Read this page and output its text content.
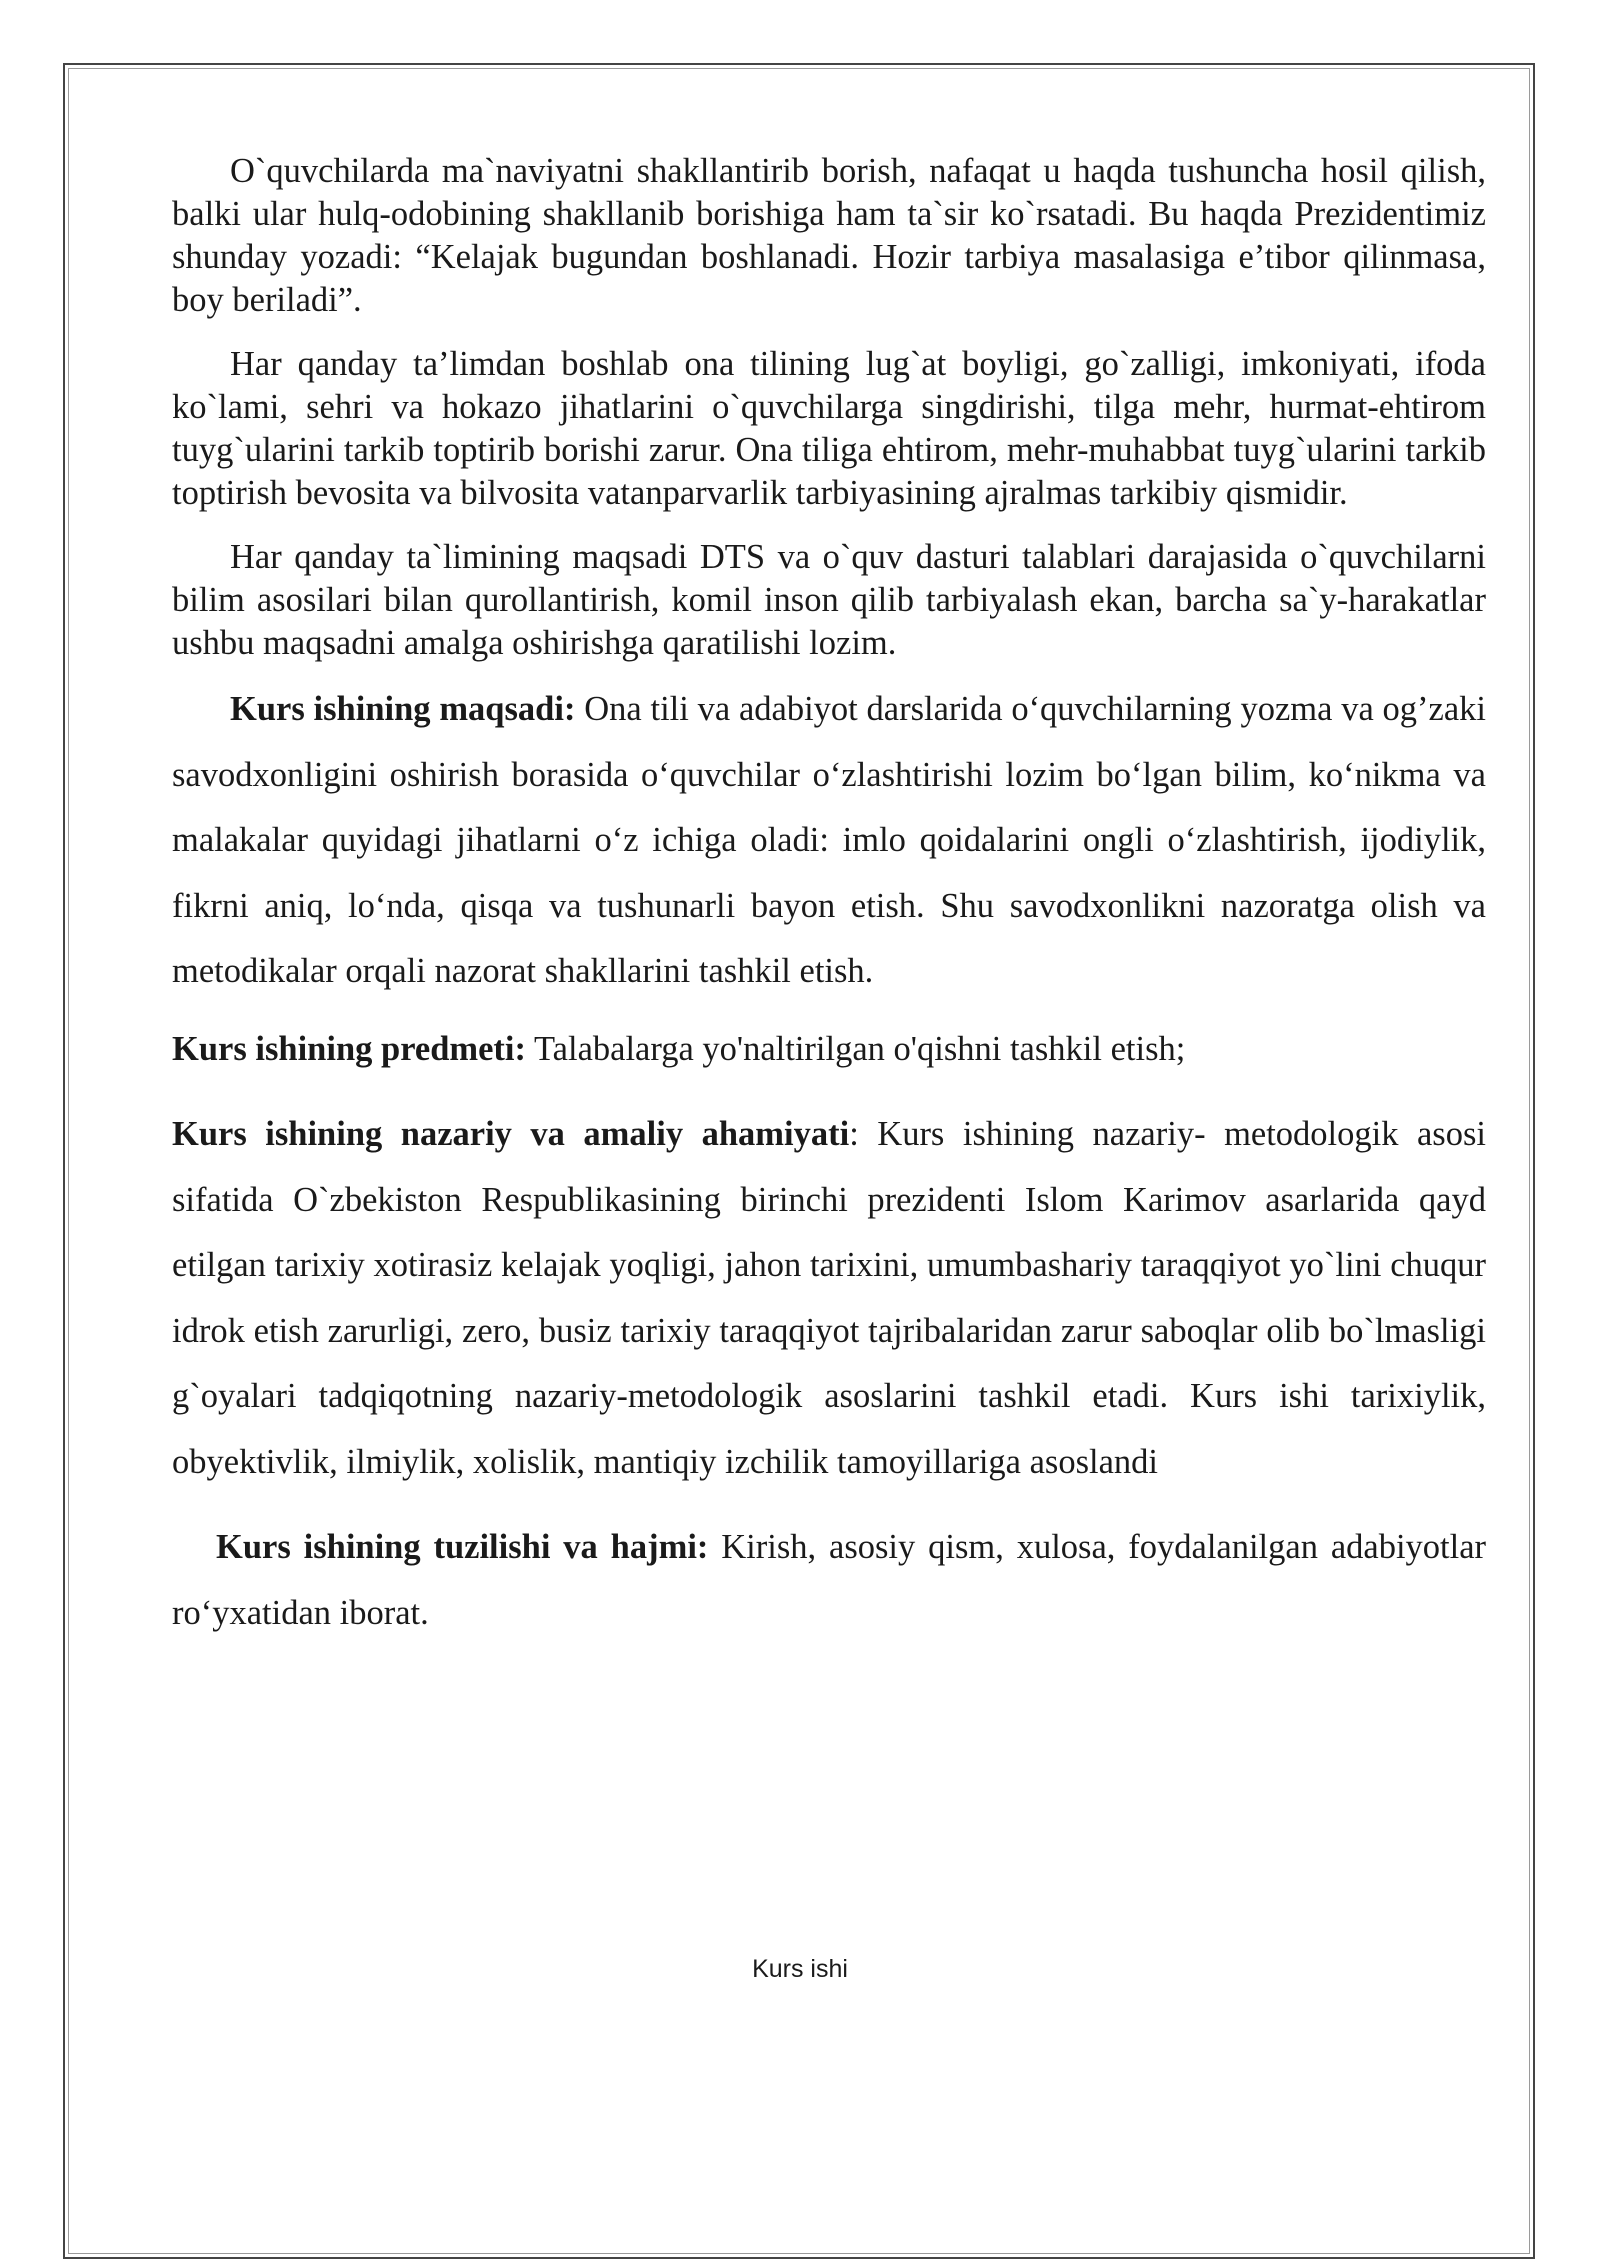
O`quvchilarda ma`naviyatni shakllantirib borish, nafaqat u haqda tushuncha hosil qilish, balki ular hulq-odobining shakllanib borishiga ham ta`sir ko`rsatadi. Bu haqda Prezidentimiz shunday yozadi: “Kelajak bugundan boshlanadi. Hozir tarbiya masalasiga e’tibor qilinmasa, boy beriladi”.

Har qanday ta’limdan boshlab ona tilining lug`at boyligi, go`zalligi, imkoniyati, ifoda ko`lami, sehri va hokazo jihatlarini o`quvchilarga singdirishi, tilga mehr, hurmat-ehtirom tuyg`ularini tarkib toptirib borishi zarur. Ona tiliga ehtirom, mehr-muhabbat tuyg`ularini tarkib toptirish bevosita va bilvosita vatanparvarlik tarbiyasining ajralmas tarkibiy qismidir.

Har qanday ta`limining maqsadi DTS va o`quv dasturi talablari darajasida o`quvchilarni bilim asosilari bilan qurollantirish, komil inson qilib tarbiyalash ekan, barcha sa`y-harakatlar ushbu maqsadni amalga oshirishga qaratilishi lozim.

Kurs ishining maqsadi: Ona tili va adabiyot darslarida o‘quvchilarning yozma va og’zaki savodxonligini oshirish borasida o‘quvchilar o‘zlashtirishi lozim bo‘lgan bilim, ko‘nikma va malakalar quyidagi jihatlarni o‘z ichiga oladi: imlo qoidalarini ongli o‘zlashtirish, ijodiylik, fikrni aniq, lo‘nda, qisqa va tushunarli bayon etish. Shu savodxonlikni nazoratga olish va metodikalar orqali nazorat shakllarini tashkil etish.

Kurs ishining predmeti: Talabalarga yo'naltirilgan o'qishni tashkil etish;

Kurs ishining nazariy va amaliy ahamiyati: Kurs ishining nazariy- metodologik asosi sifatida O`zbekiston Respublikasining birinchi prezidenti Islom Karimov asarlarida qayd etilgan tarixiy xotirasiz kelajak yoqligi, jahon tarixini, umumbashariy taraqqiyot yo`lini chuqur idrok etish zarurligi, zero, busiz tarixiy taraqqiyot tajribalaridan zarur saboqlar olib bo`lmasligi g`oyalari tadqiqotning nazariy-metodologik asoslarini tashkil etadi. Kurs ishi tarixiylik, obyektivlik, ilmiylik, xolislik, mantiqiy izchilik tamoyillariga asoslandi

Kurs ishining tuzilishi va hajmi: Kirish, asosiy qism, xulosa, foydalanilgan adabiyotlar ro‘yxatidan iborat.

Kurs ishi
